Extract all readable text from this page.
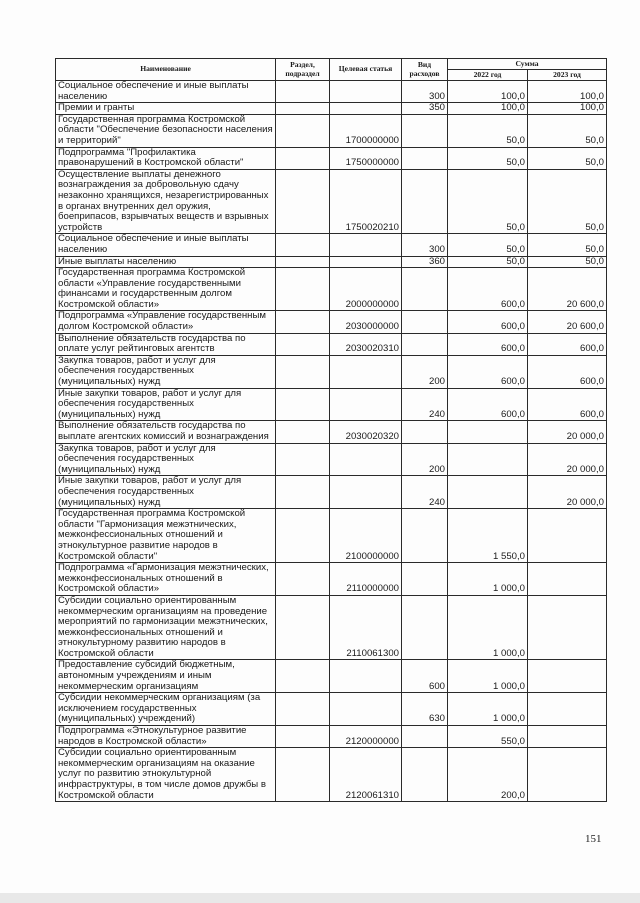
Наименование	Раздел, подраздел	Целевая статья	Вид расходов	Сумма	
				2022 год	2023 год
Социальное обеспечение и иные выплаты населению			300	100,0	100,0
Премии и гранты			350	100,0	100,0
Государственная программа Костромской области "Обеспечение безопасности населения и территорий"		1700000000		50,0	50,0
Подпрограмма "Профилактика правонарушений в Костромской области"		1750000000		50,0	50,0
Осуществление выплаты денежного вознаграждения за добровольную сдачу незаконно хранящихся, незарегистрированных в органах внутренних дел оружия, боеприпасов, взрывчатых веществ и взрывных устройств		1750020210		50,0	50,0
Социальное обеспечение и иные выплаты населению			300	50,0	50,0
Иные выплаты населению			360	50,0	50,0
Государственная программа Костромской области «Управление государственными финансами и государственным долгом Костромской области»		2000000000		600,0	20 600,0
Подпрограмма «Управление государственным долгом Костромской области»		2030000000		600,0	20 600,0
Выполнение обязательств государства по оплате услуг рейтинговых агентств		2030020310		600,0	600,0
Закупка товаров, работ и услуг для обеспечения государственных (муниципальных) нужд			200	600,0	600,0
Иные закупки товаров, работ и услуг для обеспечения государственных (муниципальных) нужд			240	600,0	600,0
Выполнение обязательств государства по выплате агентских комиссий и вознаграждения		2030020320			20 000,0
Закупка товаров, работ и услуг для обеспечения государственных (муниципальных) нужд			200		20 000,0
Иные закупки товаров, работ и услуг для обеспечения государственных (муниципальных) нужд			240		20 000,0
Государственная программа Костромской области "Гармонизация межэтнических, межконфессиональных отношений и этнокультурное развитие народов в Костромской области"		2100000000		1 550,0	
Подпрограмма «Гармонизация межэтнических, межконфессиональных отношений в Костромской области»		2110000000		1 000,0	
Субсидии социально ориентированным некоммерческим организациям на проведение мероприятий по гармонизации межэтнических, межконфессиональных отношений и этнокультурному развитию народов в Костромской области		2110061300		1 000,0	
Предоставление субсидий бюджетным, автономным учреждениям и иным некоммерческим организациям			600	1 000,0	
Субсидии некоммерческим организациям (за исключением государственных (муниципальных) учреждений)			630	1 000,0	
Подпрограмма «Этнокультурное развитие народов в Костромской области»		2120000000		550,0	
Субсидии социально ориентированным некоммерческим организациям на оказание услуг по развитию этнокультурной инфраструктуры, в том числе домов дружбы в Костромской области		2120061310		200,0	
151
